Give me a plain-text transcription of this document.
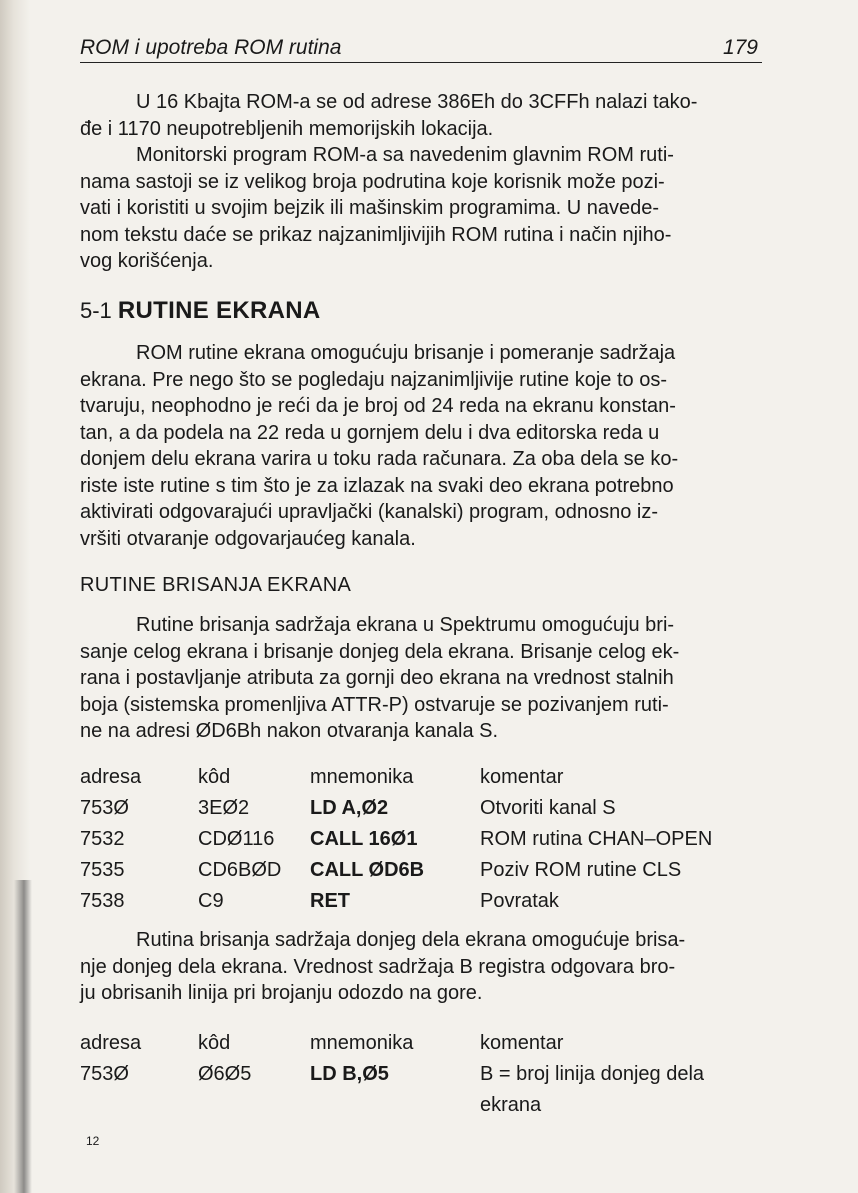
ROM i upotreba ROM rutina	179
U 16 Kbajta ROM-a se od adrese 386Eh do 3CFFh nalazi tako-
đe i 1170 neupotrebljenih memorijskih lokacija.
Monitorski program ROM-a sa navedenim glavnim ROM ruti-
nama sastoji se iz velikog broja podrutina koje korisnik može pozi-
vati i koristiti u svojim bejzik ili mašinskim programima. U navede-
nom tekstu daće se prikaz najzanimljivijih ROM rutina i način njiho-
vog korišćenja.
5-1 RUTINE EKRANA
ROM rutine ekrana omogućuju brisanje i pomeranje sadržaja
ekrana. Pre nego što se pogledaju najzanimljivije rutine koje to os-
tvaruju, neophodno je reći da je broj od 24 reda na ekranu konstan-
tan, a da podela na 22 reda u gornjem delu i dva editorska reda u
donjem delu ekrana varira u toku rada računara. Za oba dela se ko-
riste iste rutine s tim što je za izlazak na svaki deo ekrana potrebno
aktivirati odgovarajući upravljački (kanalski) program, odnosno iz-
vršiti otvaranje odgovarjaućeg kanala.
RUTINE BRISANJA EKRANA
Rutine brisanja sadržaja ekrana u Spektrumu omogućuju bri-
sanje celog ekrana i brisanje donjeg dela ekrana. Brisanje celog ek-
rana i postavljanje atributa za gornji deo ekrana na vrednost stalnih
boja (sistemska promenljiva ATTR-P) ostvaruje se pozivanjem ruti-
ne na adresi ØD6Bh nakon otvaranja kanala S.
adresa	kôd	mnemonika	komentar
753Ø	3EØ2	LD A,Ø2	Otvoriti kanal S
7532	CDØ116	CALL 16Ø1	ROM rutina CHAN–OPEN
7535	CD6BØD	CALL ØD6B	Poziv ROM rutine CLS
7538	C9	RET	Povratak
Rutina brisanja sadržaja donjeg dela ekrana omogućuje brisa-
nje donjeg dela ekrana. Vrednost sadržaja B registra odgovara bro-
ju obrisanih linija pri brojanju odozdo na gore.
adresa	kôd	mnemonika	komentar
753Ø	Ø6Ø5	LD B,Ø5	B = broj linija donjeg dela
			ekrana
12
